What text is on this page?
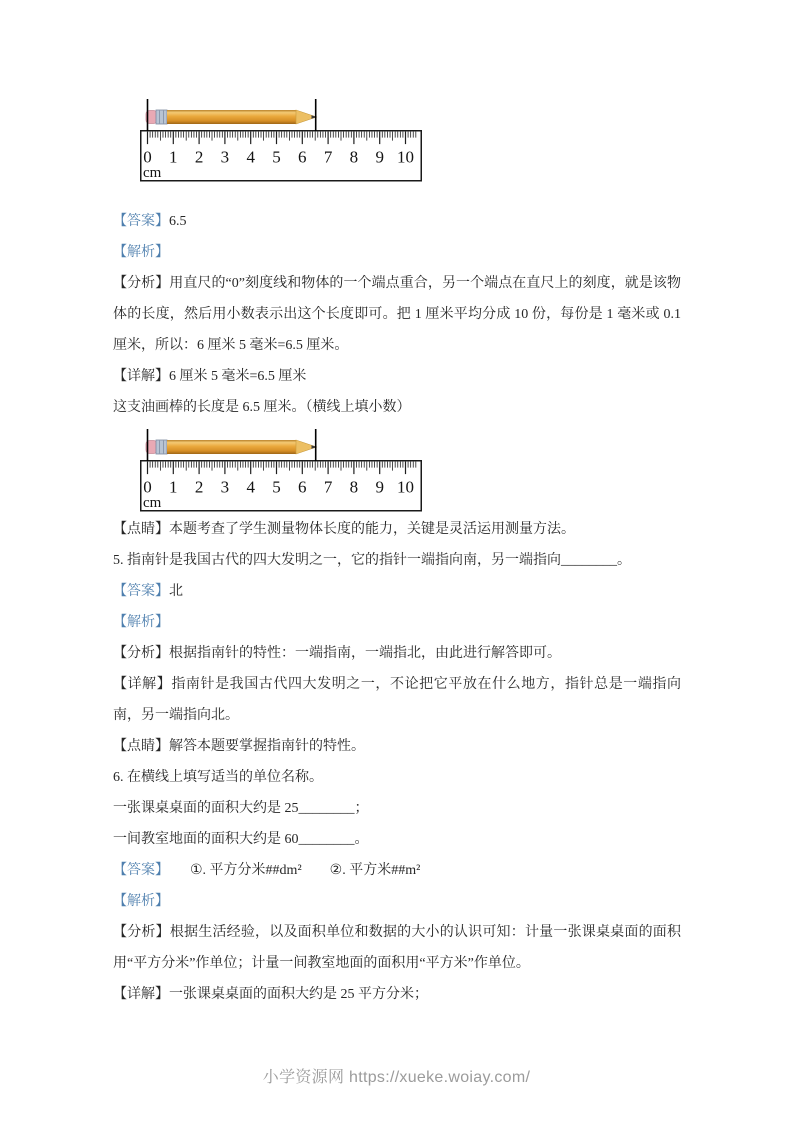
0 1 2 3 4 5 6 7 8 9 10
cm

【答案】6.5

【解析】

【分析】用直尺的“0”刻度线和物体的一个端点重合，另一个端点在直尺上的刻度，就是该物体的长度，然后用小数表示出这个长度即可。把 1 厘米平均分成 10 份，每份是 1 毫米或 0.1 厘米，所以：6 厘米 5 毫米=6.5 厘米。

【详解】6 厘米 5 毫米=6.5 厘米

这支油画棒的长度是 6.5 厘米。（横线上填小数）

0 1 2 3 4 5 6 7 8 9 10
cm

【点睛】本题考查了学生测量物体长度的能力，关键是灵活运用测量方法。

5. 指南针是我国古代的四大发明之一，它的指针一端指向南，另一端指向________。

【答案】北

【解析】

【分析】根据指南针的特性：一端指南，一端指北，由此进行解答即可。

【详解】指南针是我国古代四大发明之一，不论把它平放在什么地方，指针总是一端指向南，另一端指向北。

【点睛】解答本题要掌握指南针的特性。

6. 在横线上填写适当的单位名称。

一张课桌桌面的面积大约是 25________；

一间教室地面的面积大约是 60________。

【答案】　　①. 平方分米##dm²　　②. 平方米##m²

【解析】

【分析】根据生活经验，以及面积单位和数据的大小的认识可知：计量一张课桌桌面的面积用“平方分米”作单位；计量一间教室地面的面积用“平方米”作单位。

【详解】一张课桌桌面的面积大约是 25 平方分米；

小学资源网 https://xueke.woiay.com/
